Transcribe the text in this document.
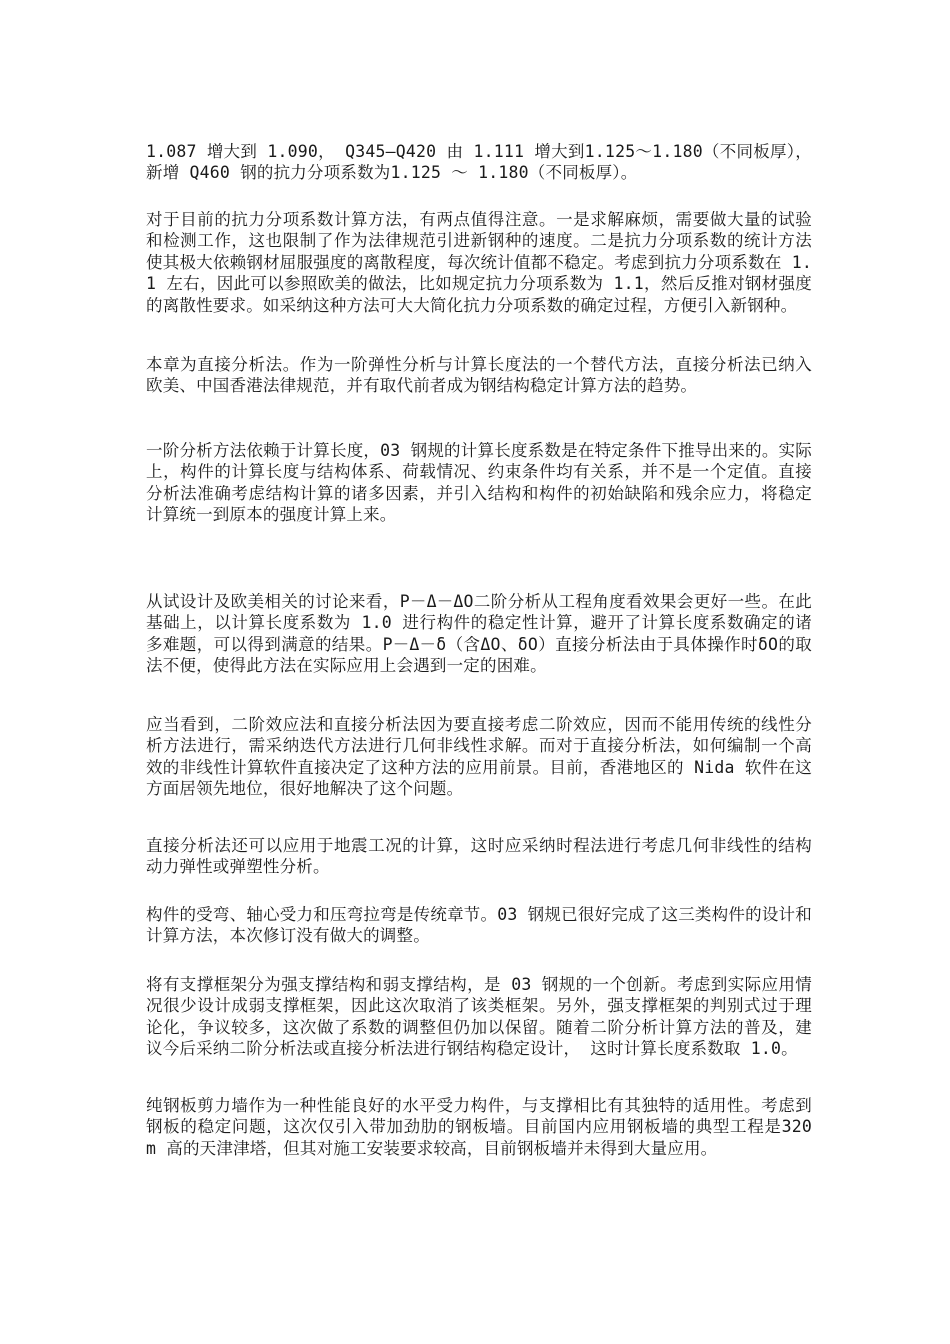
1.087 增大到 1.090， Q345—Q420 由 1.111 增大到1.125～1.180（不同板厚）， 新增 Q460 钢的抗力分项系数为1.125 ～ 1.180（不同板厚）。

对于目前的抗力分项系数计算方法，有两点值得注意。一是求解麻烦，需要做大量的试验和检测工作，这也限制了作为法律规范引进新钢种的速度。二是抗力分项系数的统计方法使其极大依赖钢材屈服强度的离散程度，每次统计值都不稳定。考虑到抗力分项系数在 1.1 左右，因此可以参照欧美的做法，比如规定抗力分项系数为 1.1，然后反推对钢材强度的离散性要求。如采纳这种方法可大大简化抗力分项系数的确定过程，方便引入新钢种。

本章为直接分析法。作为一阶弹性分析与计算长度法的一个替代方法，直接分析法已纳入欧美、中国香港法律规范，并有取代前者成为钢结构稳定计算方法的趋势。

一阶分析方法依赖于计算长度，03 钢规的计算长度系数是在特定条件下推导出来的。实际上，构件的计算长度与结构体系、荷载情况、约束条件均有关系，并不是一个定值。直接分析法准确考虑结构计算的诸多因素，并引入结构和构件的初始缺陷和残余应力，将稳定计算统一到原本的强度计算上来。

从试设计及欧美相关的讨论来看，P－Δ－ΔO二阶分析从工程角度看效果会更好一些。在此基础上，以计算长度系数为 1.0 进行构件的稳定性计算，避开了计算长度系数确定的诸多难题，可以得到满意的结果。P－Δ－δ（含ΔO、δO）直接分析法由于具体操作时δO的取法不便，使得此方法在实际应用上会遇到一定的困难。

应当看到，二阶效应法和直接分析法因为要直接考虑二阶效应，因而不能用传统的线性分析方法进行，需采纳迭代方法进行几何非线性求解。而对于直接分析法，如何编制一个高效的非线性计算软件直接决定了这种方法的应用前景。目前，香港地区的 Nida 软件在这方面居领先地位，很好地解决了这个问题。

直接分析法还可以应用于地震工况的计算，这时应采纳时程法进行考虑几何非线性的结构动力弹性或弹塑性分析。

构件的受弯、轴心受力和压弯拉弯是传统章节。03 钢规已很好完成了这三类构件的设计和计算方法，本次修订没有做大的调整。

将有支撑框架分为强支撑结构和弱支撑结构，是 03 钢规的一个创新。考虑到实际应用情况很少设计成弱支撑框架，因此这次取消了该类框架。另外，强支撑框架的判别式过于理论化，争议较多，这次做了系数的调整但仍加以保留。随着二阶分析计算方法的普及，建议今后采纳二阶分析法或直接分析法进行钢结构稳定设计， 这时计算长度系数取 1.0。

纯钢板剪力墙作为一种性能良好的水平受力构件，与支撑相比有其独特的适用性。考虑到钢板的稳定问题，这次仅引入带加劲肋的钢板墙。目前国内应用钢板墙的典型工程是320 m 高的天津津塔，但其对施工安装要求较高，目前钢板墙并未得到大量应用。
